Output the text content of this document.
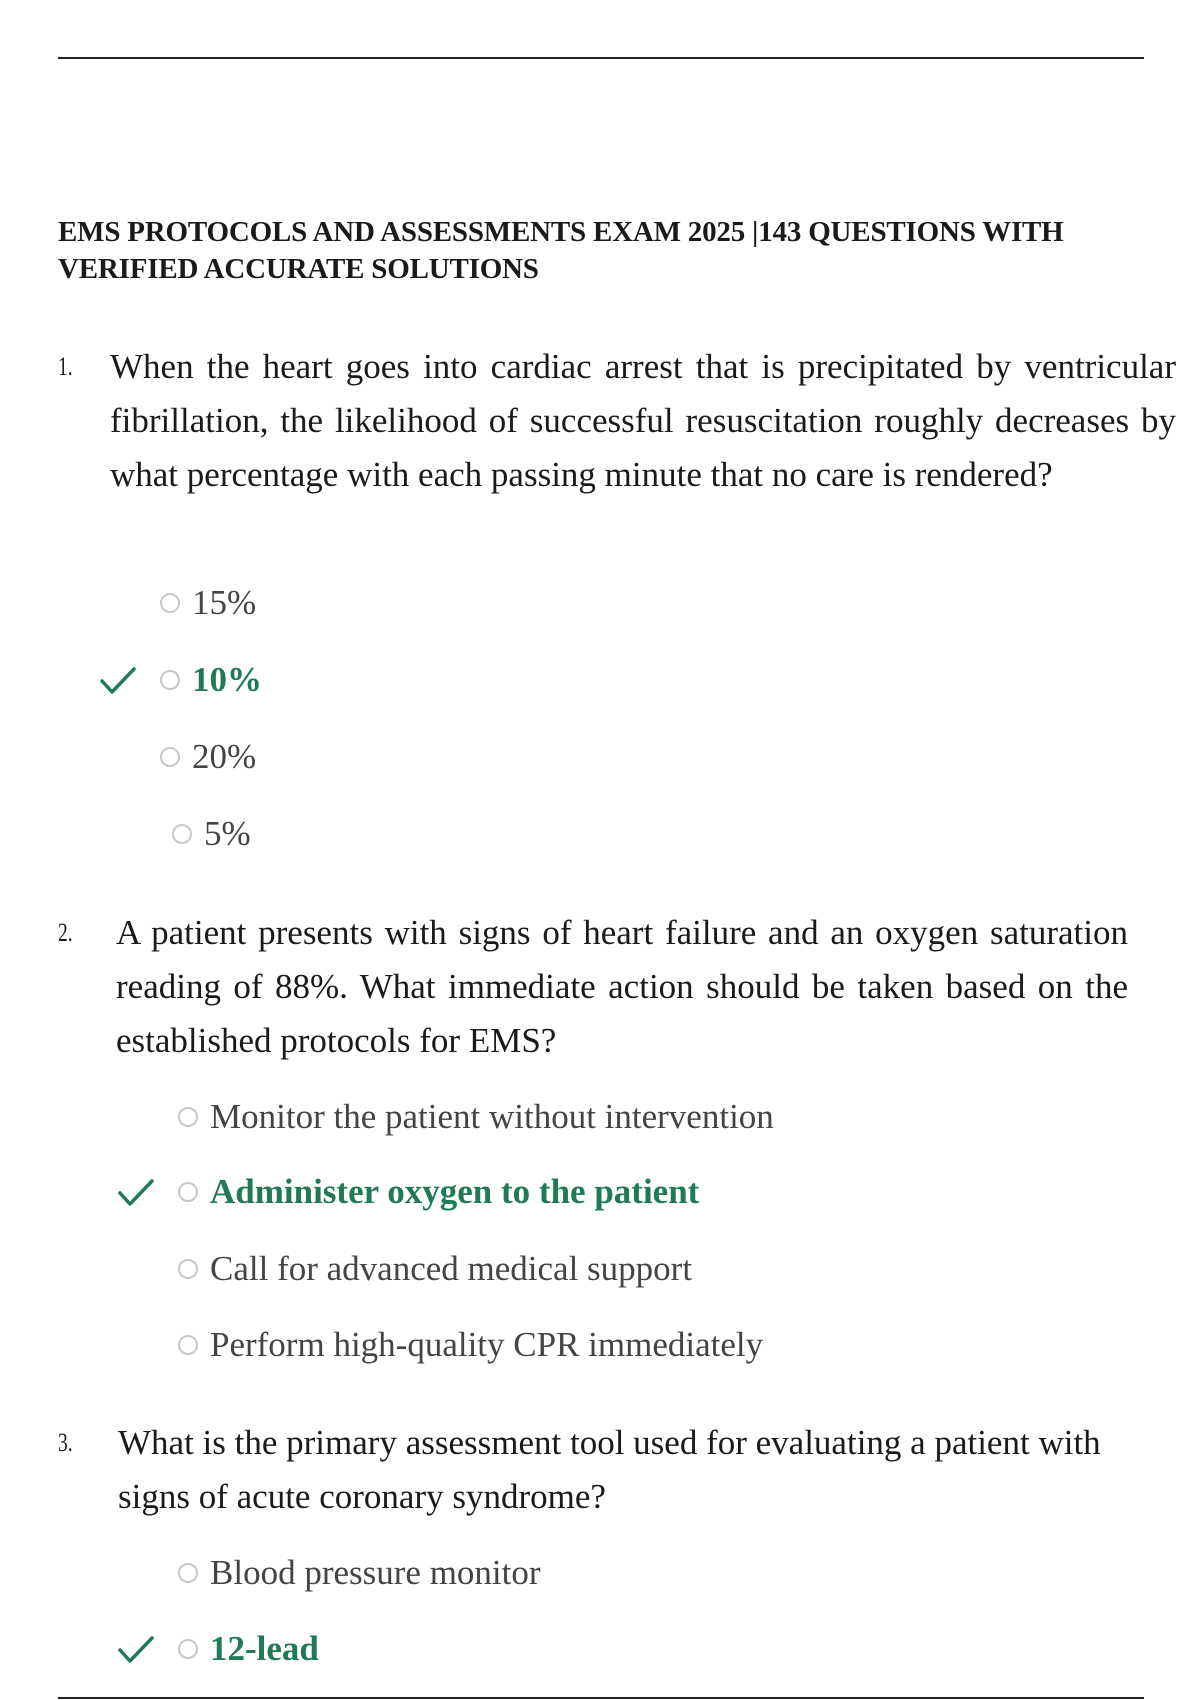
EMS PROTOCOLS AND ASSESSMENTS EXAM 2025 |143 QUESTIONS WITH VERIFIED ACCURATE SOLUTIONS
1. When the heart goes into cardiac arrest that is precipitated by ventricular fibrillation, the likelihood of successful resuscitation roughly decreases by what percentage with each passing minute that no care is rendered?

15%
10%
20%
5%
2. A patient presents with signs of heart failure and an oxygen saturation reading of 88%. What immediate action should be taken based on the established protocols for EMS?

Monitor the patient without intervention
Administer oxygen to the patient
Call for advanced medical support
Perform high-quality CPR immediately
3. What is the primary assessment tool used for evaluating a patient with signs of acute coronary syndrome?

Blood pressure monitor
12-lead
